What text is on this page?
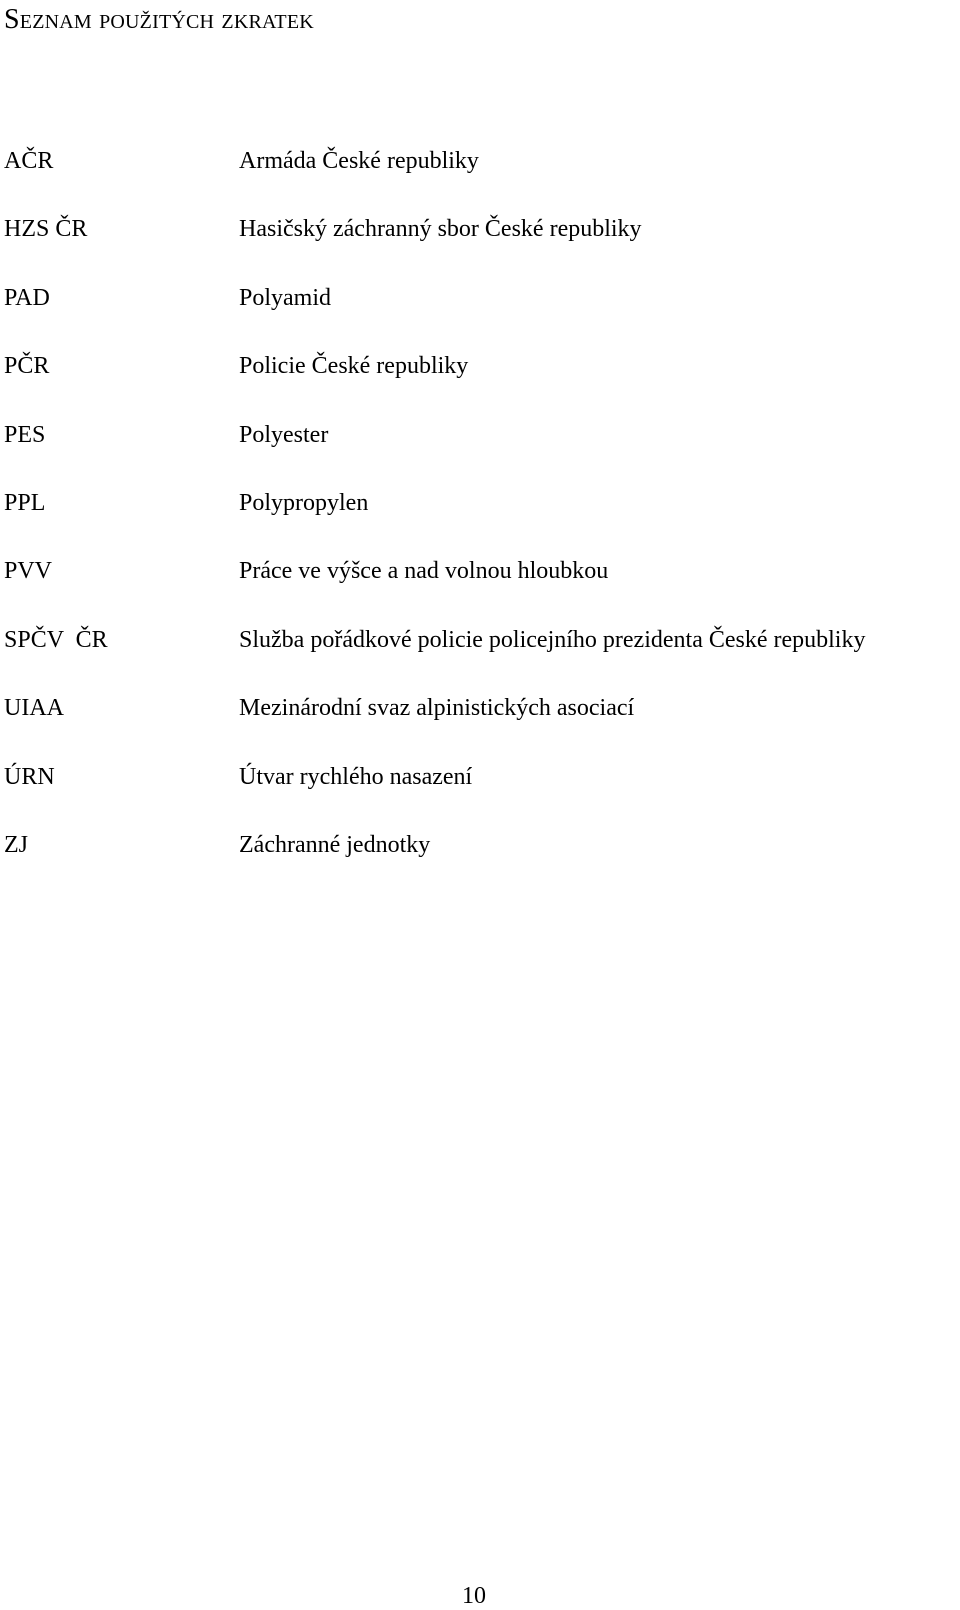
Seznam použitých zkratek
AČR	Armáda České republiky
HZS ČR	Hasičský záchranný sbor České republiky
PAD	Polyamid
PČR	Policie České republiky
PES	Polyester
PPL	Polypropylen
PVV	Práce ve výšce a nad volnou hloubkou
SPČV  ČR	Služba pořádkové policie policejního prezidenta České republiky
UIAA	Mezinárodní svaz alpinistických asociací
ÚRN	Útvar rychlého nasazení
ZJ	Záchranné jednotky
10
